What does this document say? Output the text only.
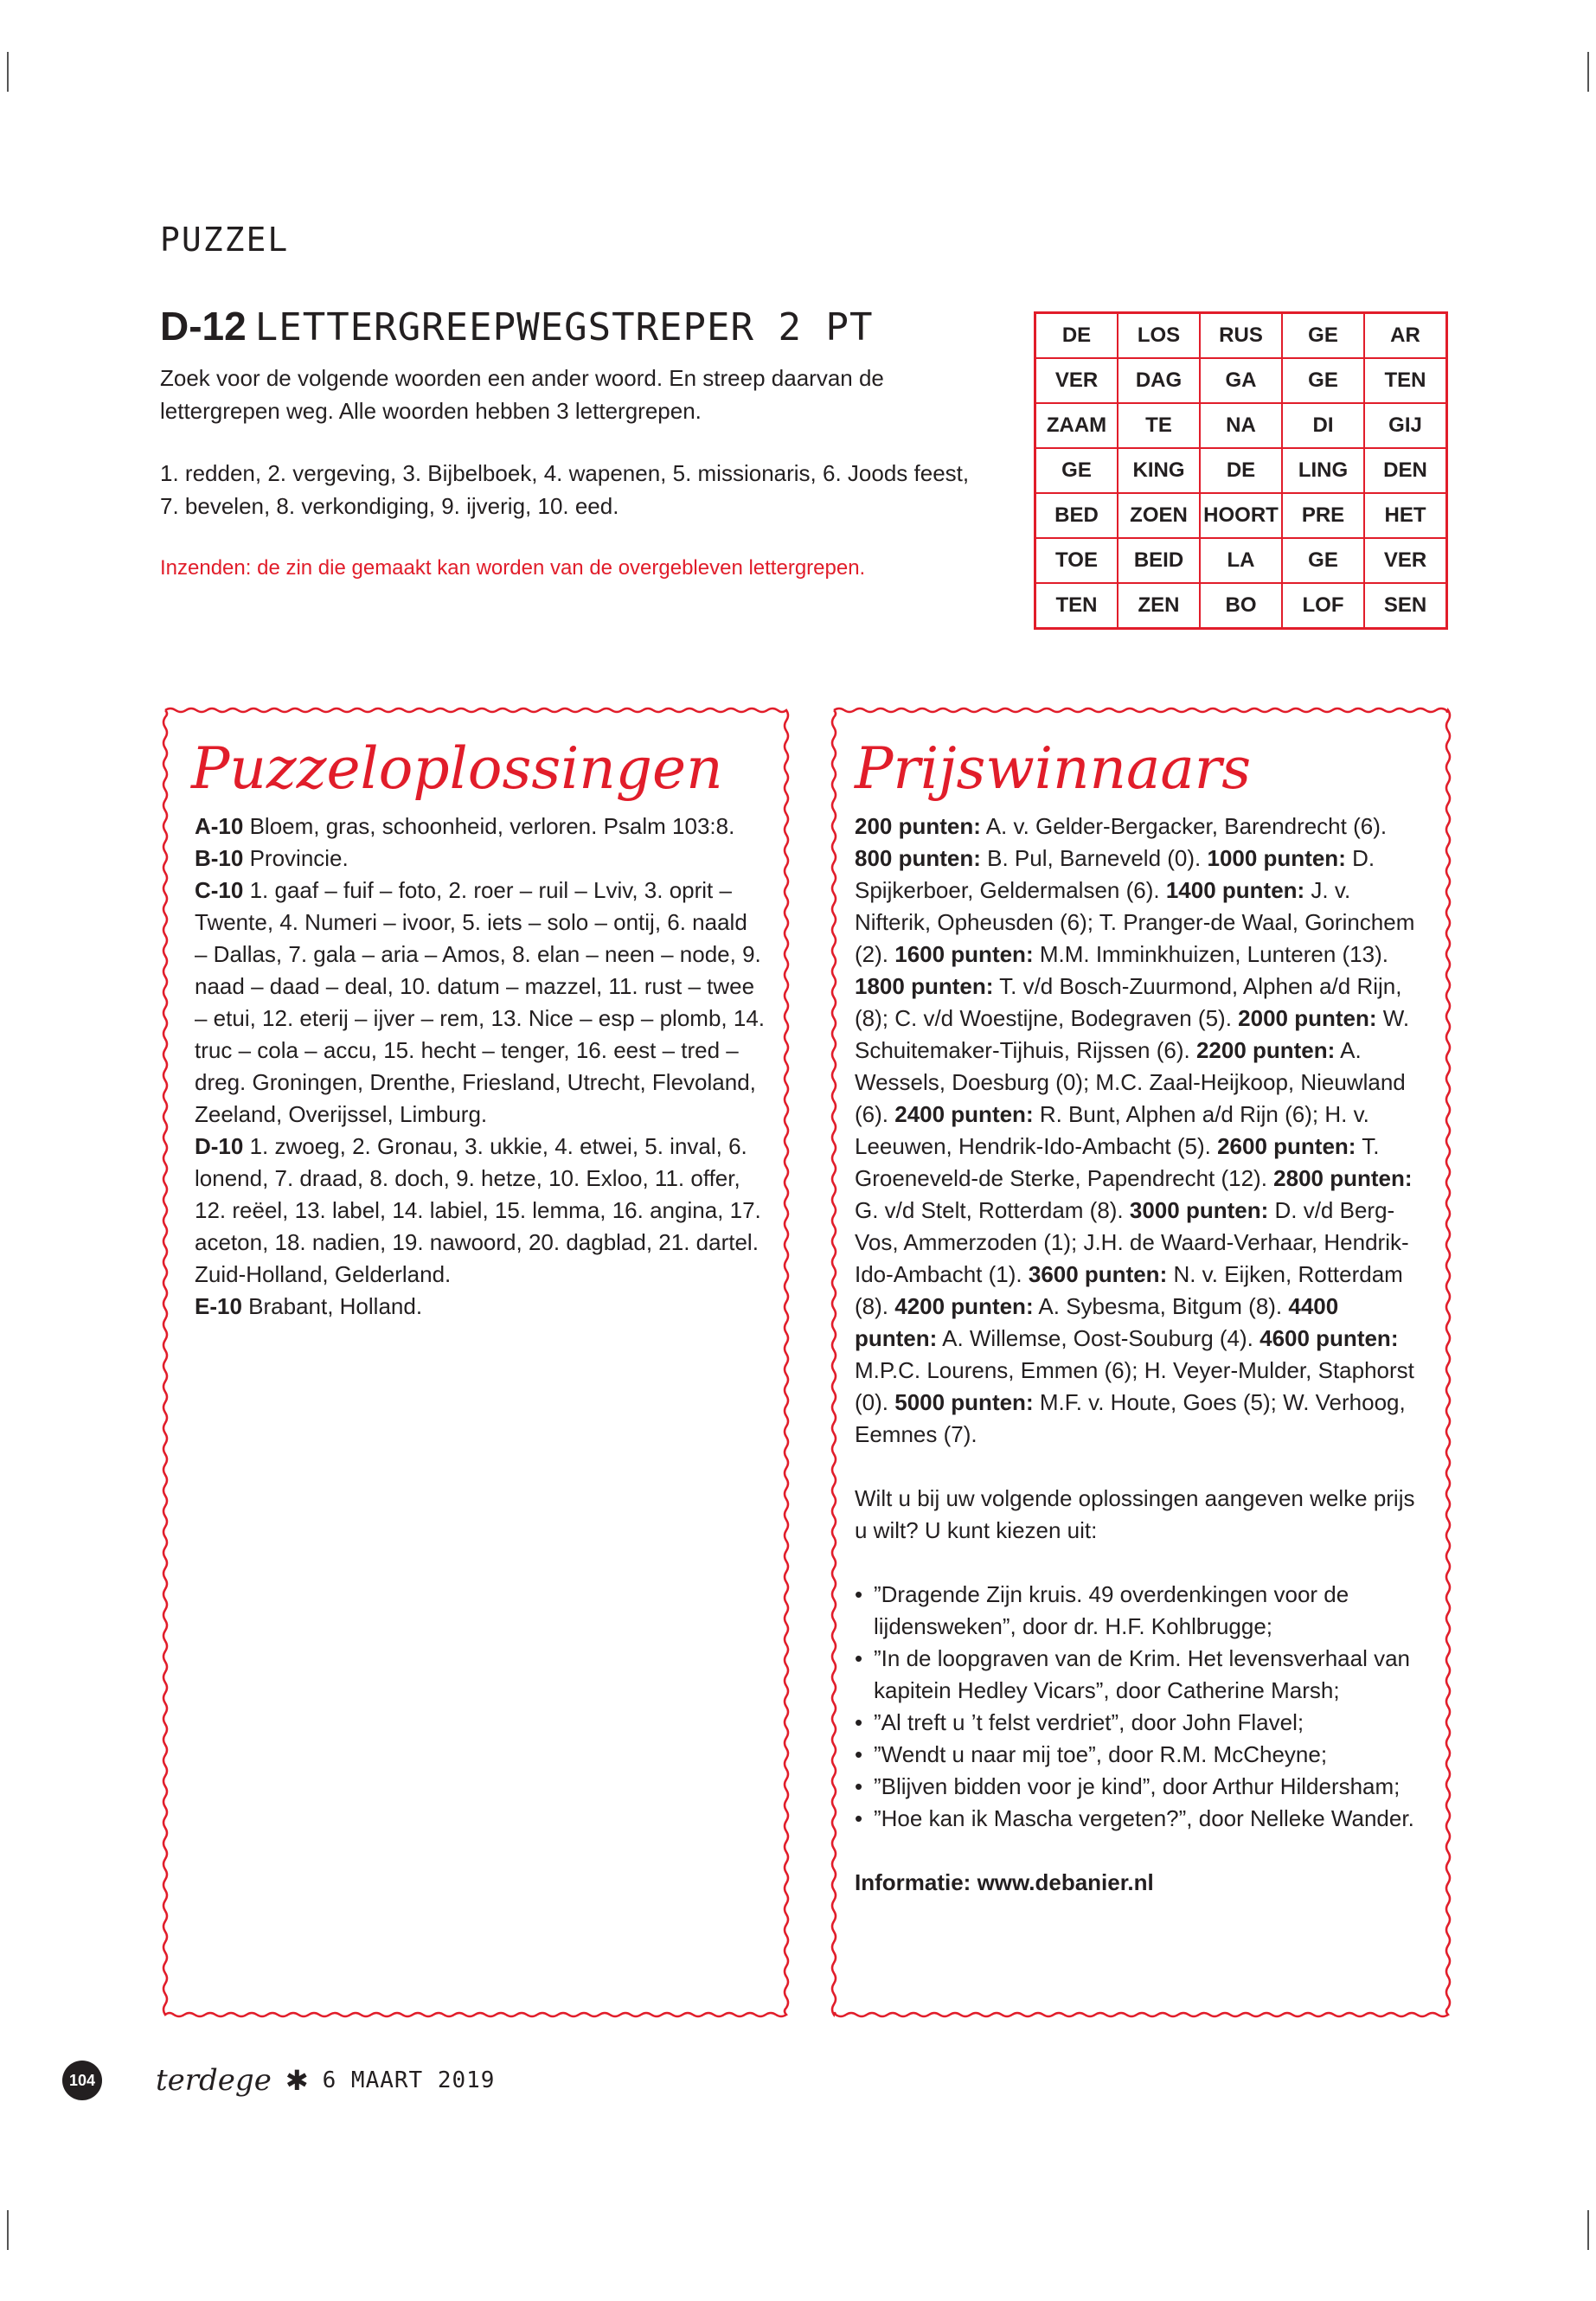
PUZZEL
D-12 LETTERGREEPWEGSTREPER 2 PT
Zoek voor de volgende woorden een ander woord. En streep daarvan de lettergrepen weg. Alle woorden hebben 3 lettergrepen.
1. redden, 2. vergeving, 3. Bijbelboek, 4. wapenen, 5. missionaris, 6. Joods feest, 7. bevelen, 8. verkondiging, 9. ijverig, 10. eed.
Inzenden: de zin die gemaakt kan worden van de overgebleven lettergrepen.
DE	LOS	RUS	GE	AR
VER	DAG	GA	GE	TEN
ZAAM	TE	NA	DI	GIJ
GE	KING	DE	LING	DEN
BED	ZOEN	HOORT	PRE	HET
TOE	BEID	LA	GE	VER
TEN	ZEN	BO	LOF	SEN
Puzzeloplossingen

A-10 Bloem, gras, schoonheid, verloren. Psalm 103:8.

B-10 Provincie.

C-10 1. gaaf – fuif – foto, 2. roer – ruil – Lviv, 3. oprit – Twente, 4. Numeri – ivoor, 5. iets – solo – ontij, 6. naald – Dallas, 7. gala – aria – Amos, 8. elan – neen – node, 9. naad – daad – deal, 10. datum – mazzel, 11. rust – twee – etui, 12. eterij – ijver – rem, 13. Nice – esp – plomb, 14. truc – cola – accu, 15. hecht – tenger, 16. eest – tred – dreg. Groningen, Drenthe, Friesland, Utrecht, Flevoland, Zeeland, Overijssel, Limburg.

D-10 1. zwoeg, 2. Gronau, 3. ukkie, 4. etwei, 5. inval, 6. lonend, 7. draad, 8. doch, 9. hetze, 10. Exloo, 11. offer, 12. reëel, 13. label, 14. labiel, 15. lemma, 16. angina, 17. aceton, 18. nadien, 19. nawoord, 20. dagblad, 21. dartel. Zuid-Holland, Gelderland.

E-10 Brabant, Holland.

Prijswinnaars

200 punten: A. v. Gelder-Bergacker, Barendrecht (6). 800 punten: B. Pul, Barneveld (0). 1000 punten: D. Spijkerboer, Geldermalsen (6). 1400 punten: J. v. Nifterik, Opheusden (6); T. Pranger-de Waal, Gorinchem (2). 1600 punten: M.M. Imminkhuizen, Lunteren (13). 1800 punten: T. v/d Bosch-Zuurmond, Alphen a/d Rijn, (8); C. v/d Woestijne, Bodegraven (5). 2000 punten: W. Schuitemaker-Tijhuis, Rijssen (6). 2200 punten: A. Wessels, Doesburg (0); M.C. Zaal-Heijkoop, Nieuwland (6). 2400 punten: R. Bunt, Alphen a/d Rijn (6); H. v. Leeuwen, Hendrik-Ido-Ambacht (5). 2600 punten: T. Groeneveld-de Sterke, Papendrecht (12). 2800 punten: G. v/d Stelt, Rotterdam (8). 3000 punten: D. v/d Berg-Vos, Ammerzoden (1); J.H. de Waard-Verhaar, Hendrik-Ido-Ambacht (1). 3600 punten: N. v. Eijken, Rotterdam (8). 4200 punten: A. Sybesma, Bitgum (8). 4400 punten: A. Willemse, Oost-Souburg (4). 4600 punten: M.P.C. Lourens, Emmen (6); H. Veyer-Mulder, Staphorst (0). 5000 punten: M.F. v. Houte, Goes (5); W. Verhoog, Eemnes (7).

Wilt u bij uw volgende oplossingen aangeven welke prijs u wilt? U kunt kiezen uit:

• ”Dragende Zijn kruis. 49 overdenkingen voor de lijdensweken”, door dr. H.F. Kohlbrugge;
• ”In de loopgraven van de Krim. Het levensverhaal van kapitein Hedley Vicars”, door Catherine Marsh;
• ”Al treft u ’t felst verdriet”, door John Flavel;
• ”Wendt u naar mij toe”, door R.M. McCheyne;
• ”Blijven bidden voor je kind”, door Arthur Hildersham;
• ”Hoe kan ik Mascha vergeten?”, door Nelleke Wander.

Informatie: www.debanier.nl

104 terdege ✱ 6 MAART 2019
